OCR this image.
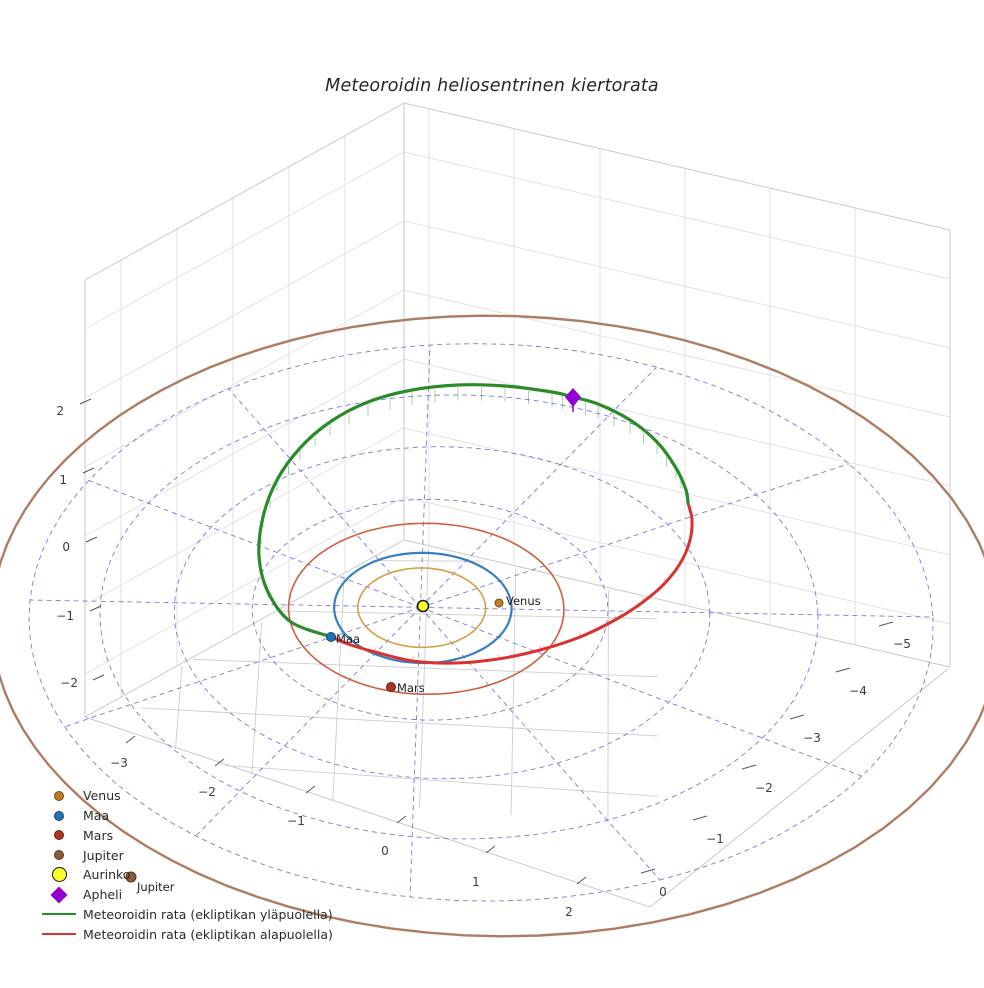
Venus
Maa
Mars
Jupiter
−3
−2
−1
0
1
2
−5
−4
−3
−2
−1
0
2
1
0
−1
−2
Meteoroidin heliosentrinen kiertorata
Venus
Maa
Mars
Jupiter
Aurinko
Apheli
Meteoroidin rata (ekliptikan yläpuolella)
Meteoroidin rata (ekliptikan alapuolella)
